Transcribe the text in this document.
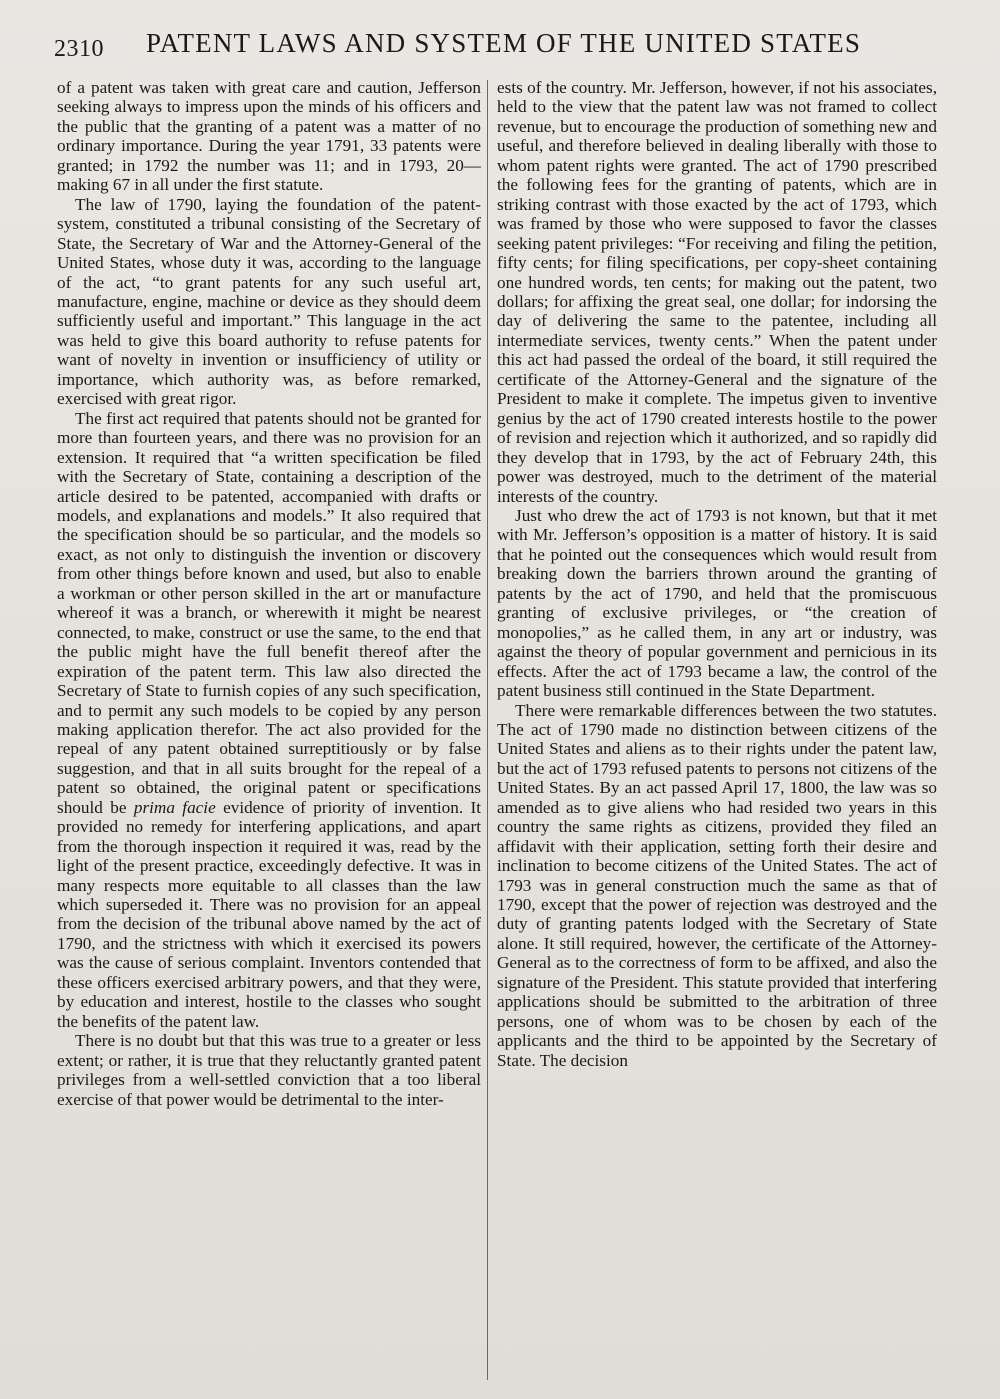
2310 PATENT LAWS AND SYSTEM OF THE UNITED STATES

of a patent was taken with great care and caution, Jefferson seeking always to impress upon the minds of his officers and the public that the granting of a patent was a matter of no ordinary importance. During the year 1791, 33 patents were granted; in 1792 the number was 11; and in 1793, 20—making 67 in all under the first statute.

The law of 1790, laying the foundation of the patent-system, constituted a tribunal consisting of the Secretary of State, the Secretary of War and the Attorney-General of the United States, whose duty it was, according to the language of the act, “to grant patents for any such useful art, manufacture, engine, machine or device as they should deem sufficiently useful and important.” This language in the act was held to give this board authority to refuse patents for want of novelty in invention or insufficiency of utility or importance, which authority was, as before remarked, exercised with great rigor.

The first act required that patents should not be granted for more than fourteen years, and there was no provision for an extension. It required that “a written specification be filed with the Secretary of State, containing a description of the article desired to be patented, accompanied with drafts or models, and explanations and models.” It also required that the specification should be so particular, and the models so exact, as not only to distinguish the invention or discovery from other things before known and used, but also to enable a workman or other person skilled in the art or manufacture whereof it was a branch, or wherewith it might be nearest connected, to make, construct or use the same, to the end that the public might have the full benefit thereof after the expiration of the patent term. This law also directed the Secretary of State to furnish copies of any such specification, and to permit any such models to be copied by any person making application therefor. The act also provided for the repeal of any patent obtained surreptitiously or by false suggestion, and that in all suits brought for the repeal of a patent so obtained, the original patent or specifications should be prima facie evidence of priority of invention. It provided no remedy for interfering applications, and apart from the thorough inspection it required it was, read by the light of the present practice, exceedingly defective. It was in many respects more equitable to all classes than the law which superseded it. There was no provision for an appeal from the decision of the tribunal above named by the act of 1790, and the strictness with which it exercised its powers was the cause of serious complaint. Inventors contended that these officers exercised arbitrary powers, and that they were, by education and interest, hostile to the classes who sought the benefits of the patent law.

There is no doubt but that this was true to a greater or less extent; or rather, it is true that they reluctantly granted patent privileges from a well-settled conviction that a too liberal exercise of that power would be detrimental to the inter-

ests of the country. Mr. Jefferson, however, if not his associates, held to the view that the patent law was not framed to collect revenue, but to encourage the production of something new and useful, and therefore believed in dealing liberally with those to whom patent rights were granted. The act of 1790 prescribed the following fees for the granting of patents, which are in striking contrast with those exacted by the act of 1793, which was framed by those who were supposed to favor the classes seeking patent privileges: “For receiving and filing the petition, fifty cents; for filing specifications, per copy-sheet containing one hundred words, ten cents; for making out the patent, two dollars; for affixing the great seal, one dollar; for indorsing the day of delivering the same to the patentee, including all intermediate services, twenty cents.” When the patent under this act had passed the ordeal of the board, it still required the certificate of the Attorney-General and the signature of the President to make it complete. The impetus given to inventive genius by the act of 1790 created interests hostile to the power of revision and rejection which it authorized, and so rapidly did they develop that in 1793, by the act of February 24th, this power was destroyed, much to the detriment of the material interests of the country.

Just who drew the act of 1793 is not known, but that it met with Mr. Jefferson’s opposition is a matter of history. It is said that he pointed out the consequences which would result from breaking down the barriers thrown around the granting of patents by the act of 1790, and held that the promiscuous granting of exclusive privileges, or “the creation of monopolies,” as he called them, in any art or industry, was against the theory of popular government and pernicious in its effects. After the act of 1793 became a law, the control of the patent business still continued in the State Department.

There were remarkable differences between the two statutes. The act of 1790 made no distinction between citizens of the United States and aliens as to their rights under the patent law, but the act of 1793 refused patents to persons not citizens of the United States. By an act passed April 17, 1800, the law was so amended as to give aliens who had resided two years in this country the same rights as citizens, provided they filed an affidavit with their application, setting forth their desire and inclination to become citizens of the United States. The act of 1793 was in general construction much the same as that of 1790, except that the power of rejection was destroyed and the duty of granting patents lodged with the Secretary of State alone. It still required, however, the certificate of the Attorney-General as to the correctness of form to be affixed, and also the signature of the President. This statute provided that interfering applications should be submitted to the arbitration of three persons, one of whom was to be chosen by each of the applicants and the third to be appointed by the Secretary of State. The decision
